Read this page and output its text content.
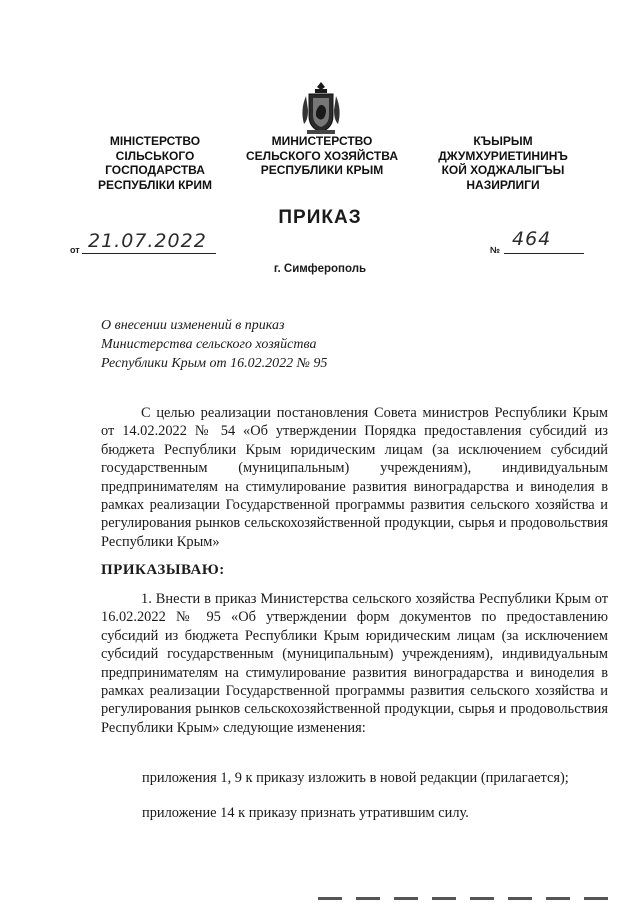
МІНІСТЕРСТВО
СІЛЬСЬКОГО
ГОСПОДАРСТВА
РЕСПУБЛІКИ КРИМ
МИНИСТЕРСТВО
СЕЛЬСКОГО ХОЗЯЙСТВА
РЕСПУБЛИКИ КРЫМ
КЪЫРЫМ
ДЖУМХУРИЕТИНИНЪ
КОЙ ХОДЖАЛЫГЪЫ
НАЗИРЛИГИ
ПРИКАЗ
от 21.07.2022	№ 464
г. Симферополь
О внесении изменений в приказ
Министерства сельского хозяйства
Республики Крым от 16.02.2022 № 95
С целью реализации постановления Совета министров Республики Крым от 14.02.2022 № 54 «Об утверждении Порядка предоставления субсидий из бюджета Республики Крым юридическим лицам (за исключением субсидий государственным (муниципальным) учреждениям), индивидуальным предпринимателям на стимулирование развития виноградарства и виноделия в рамках реализации Государственной программы развития сельского хозяйства и регулирования рынков сельскохозяйственной продукции, сырья и продовольствия Республики Крым»
ПРИКАЗЫВАЮ:
1. Внести в приказ Министерства сельского хозяйства Республики Крым от 16.02.2022 № 95 «Об утверждении форм документов по предоставлению субсидий из бюджета Республики Крым юридическим лицам (за исключением субсидий государственным (муниципальным) учреждениям), индивидуальным предпринимателям на стимулирование развития виноградарства и виноделия в рамках реализации Государственной программы развития сельского хозяйства и регулирования рынков сельскохозяйственной продукции, сырья и продовольствия Республики Крым» следующие изменения:
приложения 1, 9 к приказу изложить в новой редакции (прилагается);
приложение 14 к приказу признать утратившим силу.
